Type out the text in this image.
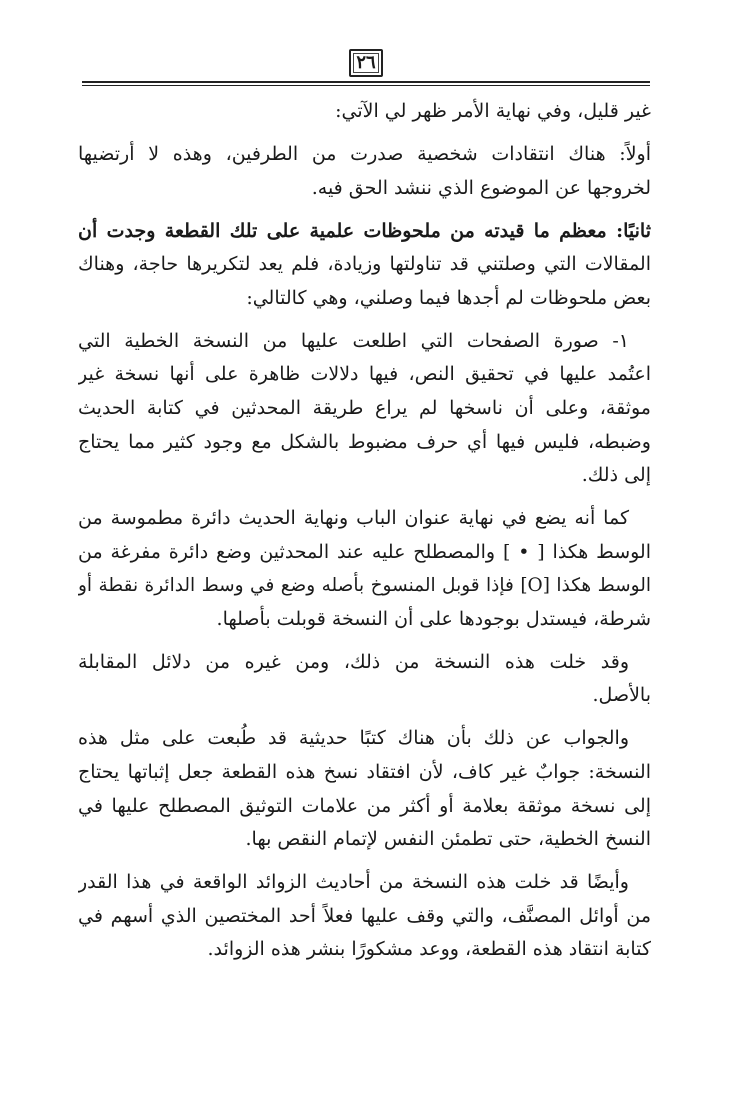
٢٦
غير قليل، وفي نهاية الأمر ظهر لي الآتي:
أولاً: هناك انتقادات شخصية صدرت من الطرفين، وهذه لا أرتضيها
لخروجها عن الموضوع الذي ننشد الحق فيه.
ثانيًا: معظم ما قيدته من ملحوظات علمية على تلك القطعة وجدت أن
المقالات التي وصلتني قد تناولتها وزيادة، فلم يعد لتكريرها حاجة، وهناك
بعض ملحوظات لم أجدها فيما وصلني، وهي كالتالي:
١- صورة الصفحات التي اطلعت عليها من النسخة الخطية التي
اعتُمد عليها في تحقيق النص، فيها دلالات ظاهرة على أنها نسخة غير
موثقة، وعلى أن ناسخها لم يراع طريقة المحدثين في كتابة الحديث
وضبطه، فليس فيها أي حرف مضبوط بالشكل مع وجود كثير مما يحتاج
إلى ذلك.
كما أنه يضع في نهاية عنوان الباب ونهاية الحديث دائرة مطموسة من
الوسط هكذا [ • ] والمصطلح عليه عند المحدثين وضع دائرة مفرغة من
الوسط هكذا [O] فإذا قوبل المنسوخ بأصله وضع في وسط الدائرة نقطة أو
شرطة، فيستدل بوجودها على أن النسخة قوبلت بأصلها.
وقد خلت هذه النسخة من ذلك، ومن غيره من دلائل المقابلة
بالأصل.
والجواب عن ذلك بأن هناك كتبًا حديثية قد طُبعت على مثل هذه
النسخة: جوابٌ غير كاف، لأن افتقاد نسخ هذه القطعة جعل إثباتها يحتاج
إلى نسخة موثقة بعلامة أو أكثر من علامات التوثيق المصطلح عليها في
النسخ الخطية، حتى تطمئن النفس لإتمام النقص بها.
وأيضًا قد خلت هذه النسخة من أحاديث الزوائد الواقعة في هذا القدر
من أوائل المصنَّف، والتي وقف عليها فعلاً أحد المختصين الذي أسهم في
كتابة انتقاد هذه القطعة، ووعد مشكورًا بنشر هذه الزوائد.
